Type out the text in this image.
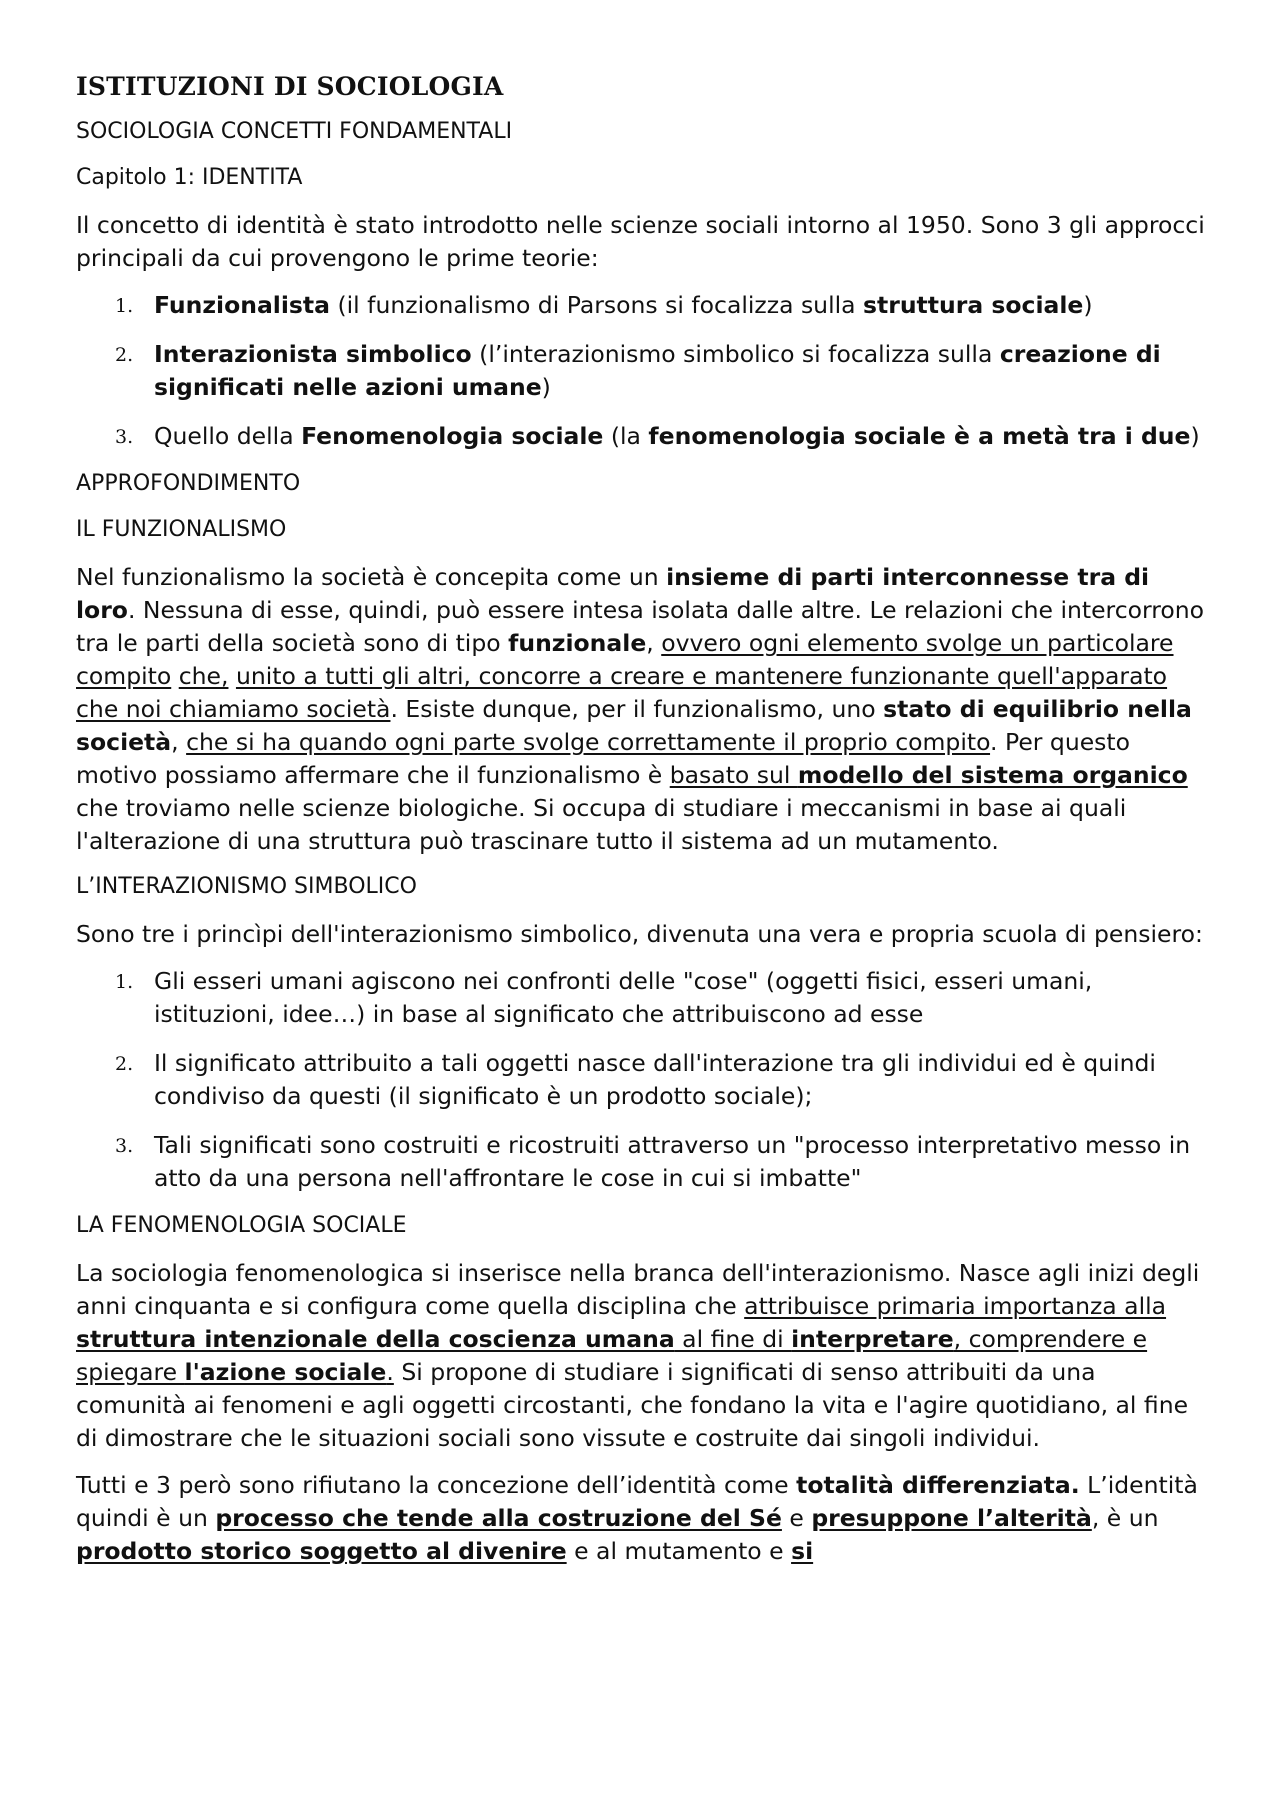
ISTITUZIONI DI SOCIOLOGIA
SOCIOLOGIA CONCETTI FONDAMENTALI
Capitolo 1: IDENTITA

Il concetto di identità è stato introdotto nelle scienze sociali intorno al 1950. Sono 3 gli approcci principali da cui provengono le prime teorie:

1. Funzionalista (il funzionalismo di Parsons si focalizza sulla struttura sociale)
2. Interazionista simbolico (l’interazionismo simbolico si focalizza sulla creazione di significati nelle azioni umane)
3. Quello della Fenomenologia sociale (la fenomenologia sociale è a metà tra i due)
APPROFONDIMENTO
IL FUNZIONALISMO

Nel funzionalismo la società è concepita come un insieme di parti interconnesse tra di loro. Nessuna di esse, quindi, può essere intesa isolata dalle altre. Le relazioni che intercorrono tra le parti della società sono di tipo funzionale, ovvero ogni elemento svolge un particolare compito che, unito a tutti gli altri, concorre a creare e mantenere funzionante quell'apparato che noi chiamiamo società. Esiste dunque, per il funzionalismo, uno stato di equilibrio nella società, che si ha quando ogni parte svolge correttamente il proprio compito. Per questo motivo possiamo affermare che il funzionalismo è basato sul modello del sistema organico che troviamo nelle scienze biologiche. Si occupa di studiare i meccanismi in base ai quali l'alterazione di una struttura può trascinare tutto il sistema ad un mutamento.

L’INTERAZIONISMO SIMBOLICO

Sono tre i princìpi dell'interazionismo simbolico, divenuta una vera e propria scuola di pensiero:

1. Gli esseri umani agiscono nei confronti delle "cose" (oggetti fisici, esseri umani, istituzioni, idee…) in base al significato che attribuiscono ad esse
2. Il significato attribuito a tali oggetti nasce dall'interazione tra gli individui ed è quindi condiviso da questi (il significato è un prodotto sociale);
3. Tali significati sono costruiti e ricostruiti attraverso un "processo interpretativo messo in atto da una persona nell'affrontare le cose in cui si imbatte"
LA FENOMENOLOGIA SOCIALE

La sociologia fenomenologica si inserisce nella branca dell'interazionismo. Nasce agli inizi degli anni cinquanta e si configura come quella disciplina che attribuisce primaria importanza alla struttura intenzionale della coscienza umana al fine di interpretare, comprendere e spiegare l'azione sociale. Si propone di studiare i significati di senso attribuiti da una comunità ai fenomeni e agli oggetti circostanti, che fondano la vita e l'agire quotidiano, al fine di dimostrare che le situazioni sociali sono vissute e costruite dai singoli individui.

Tutti e 3 però sono rifiutano la concezione dell’identità come totalità differenziata. L’identità quindi è un processo che tende alla costruzione del Sé e presuppone l’alterità, è un prodotto storico soggetto al divenire e al mutamento e si
